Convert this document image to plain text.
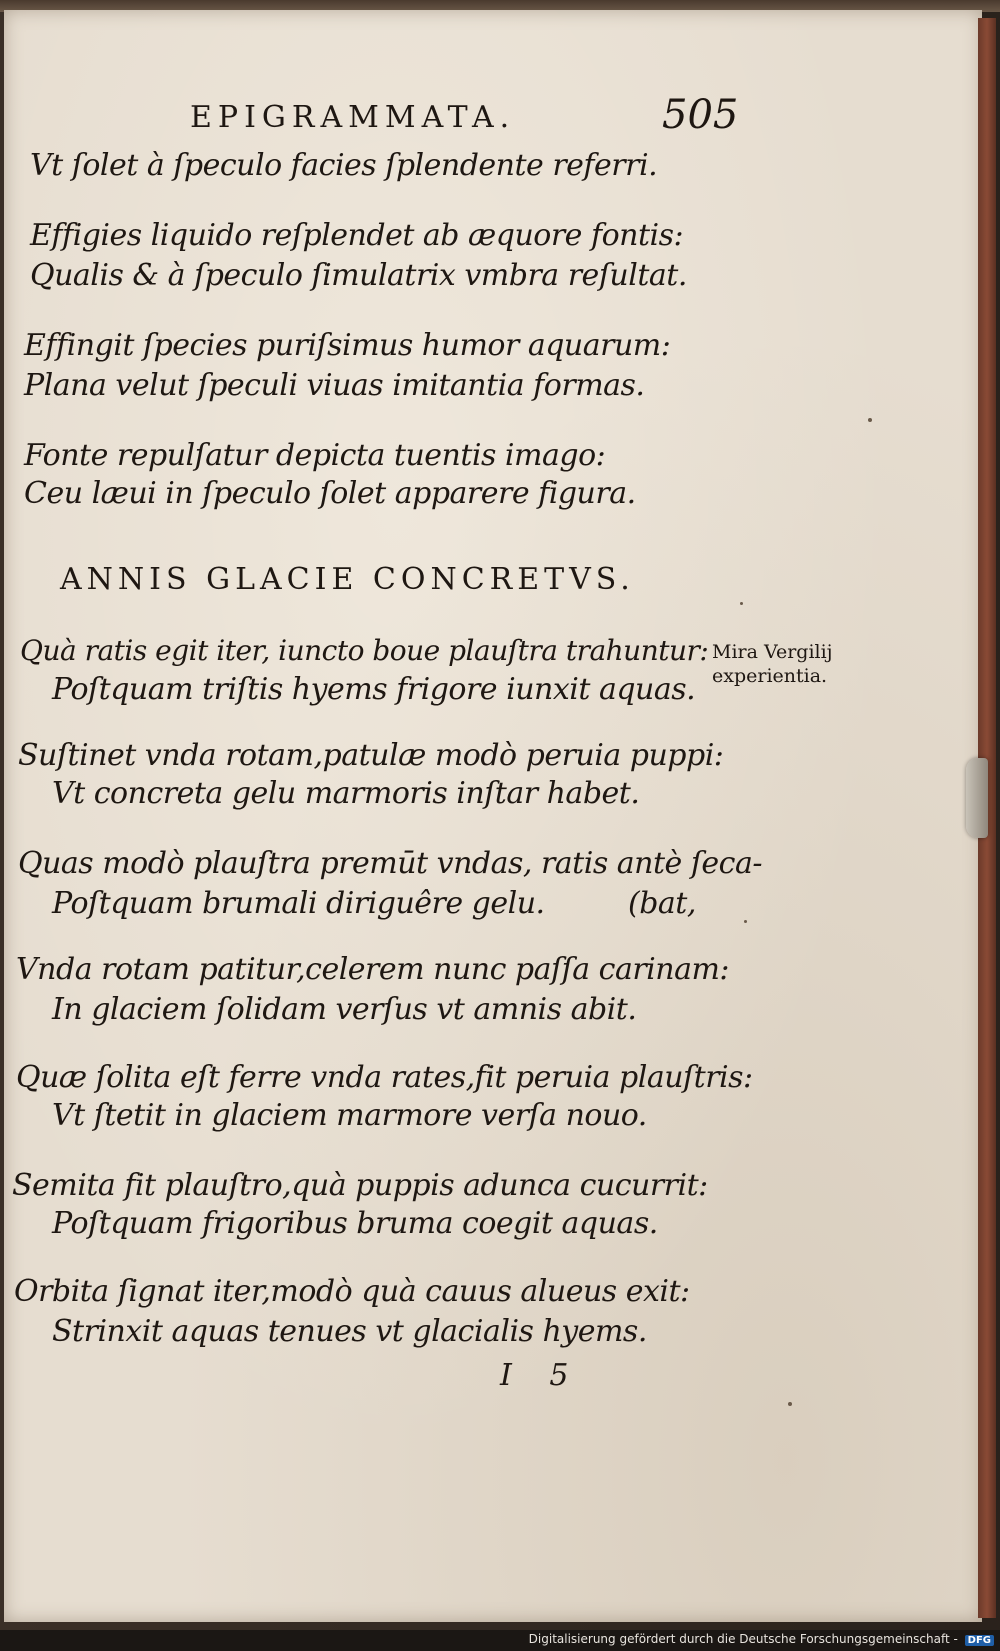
EPIGRAMMATA.	505
Vt ſolet à ſpeculo facies ſplendente referri.
Effigies liquido reſplendet ab æquore fontis:
Qualis & à ſpeculo ſimulatrix vmbra reſultat.
Effingit ſpecies puriſsimus humor aquarum:
Plana velut ſpeculi viuas imitantia formas.
Fonte repulſatur depicta tuentis imago:
Ceu læui in ſpeculo ſolet apparere figura.
ANNIS GLACIE CONCRETVS.
Mira Vergilij
experientia.
Quà ratis egit iter, iuncto boue plauſtra trahuntur:
Poſtquam triſtis hyems frigore iunxit aquas.
Suſtinet vnda rotam,patulæ modò peruia puppi:
Vt concreta gelu marmoris inſtar habet.
Quas modò plauſtra premūt vndas, ratis antè ſeca-
Poſtquam brumali diriguêre gelu.	(bat,
Vnda rotam patitur,celerem nunc paſſa carinam:
In glaciem ſolidam verſus vt amnis abit.
Quæ ſolita eſt ferre vnda rates,fit peruia plauſtris:
Vt ſtetit in glaciem marmore verſa nouo.
Semita fit plauſtro,quà puppis adunca cucurrit:
Poſtquam frigoribus bruma coegit aquas.
Orbita ſignat iter,modò quà cauus alueus exit:
Strinxit aquas tenues vt glacialis hyems.
I 5
Digitalisierung gefördert durch die Deutsche Forschungsgemeinschaft - DFG
